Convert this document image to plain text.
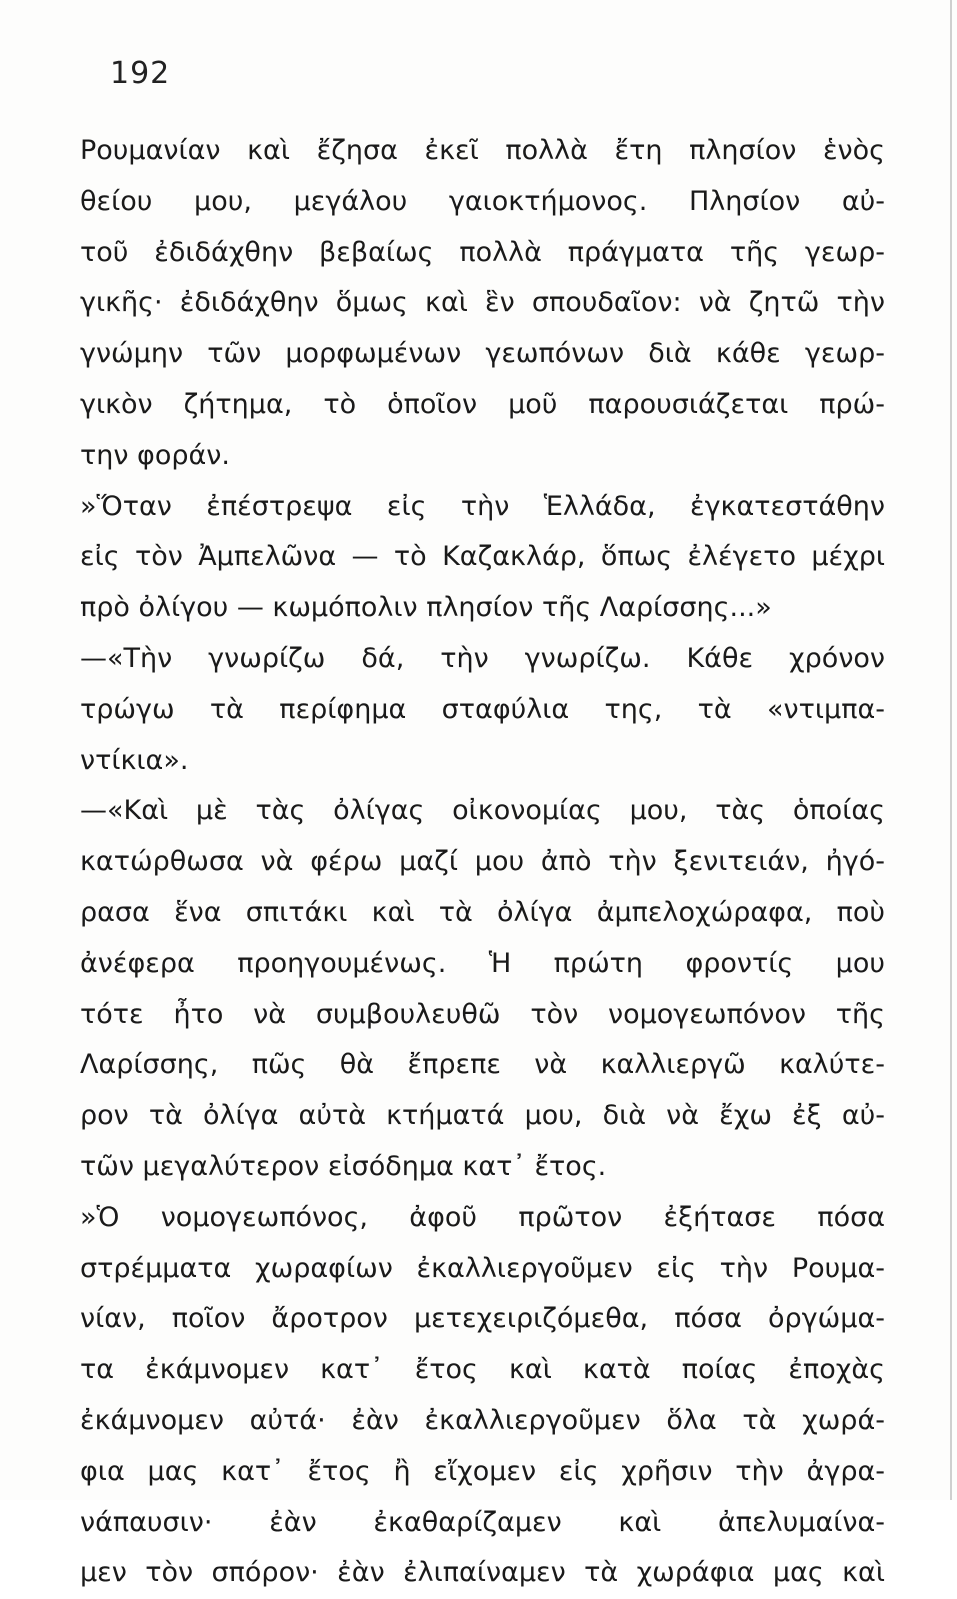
192
Ρουμανίαν καὶ ἔζησα ἐκεῖ πολλὰ ἔτη πλησίον ἑνὸς
θείου μου, μεγάλου γαιοκτήμονος. Πλησίον αὐ-
τοῦ ἐδιδάχθην βεβαίως πολλὰ πράγματα τῆς γεωρ-
γικῆς· ἐδιδάχθην ὅμως καὶ ἓν σπουδαῖον: νὰ ζητῶ τὴν
γνώμην τῶν μορφωμένων γεωπόνων διὰ κάθε γεωρ-
γικὸν ζήτημα, τὸ ὁποῖον μοῦ παρουσιάζεται πρώ-
την φοράν.
»Ὅταν ἐπέστρεψα εἰς τὴν Ἑλλάδα, ἐγκατεστάθην
εἰς τὸν Ἀμπελῶνα — τὸ Καζακλάρ, ὅπως ἐλέγετο μέχρι
πρὸ ὀλίγου — κωμόπολιν πλησίον τῆς Λαρίσσης...»
—«Τὴν γνωρίζω δά, τὴν γνωρίζω. Κάθε χρόνον
τρώγω τὰ περίφημα σταφύλια της, τὰ «ντιμπα-
ντίκια».
—«Καὶ μὲ τὰς ὀλίγας οἰκονομίας μου, τὰς ὁποίας
κατώρθωσα νὰ φέρω μαζί μου ἀπὸ τὴν ξενιτειάν, ἠγό-
ρασα ἕνα σπιτάκι καὶ τὰ ὀλίγα ἀμπελοχώραφα, ποὺ
ἀνέφερα προηγουμένως. Ἡ πρώτη φροντίς μου
τότε ἦτο νὰ συμβουλευθῶ τὸν νομογεωπόνον τῆς
Λαρίσσης, πῶς θὰ ἔπρεπε νὰ καλλιεργῶ καλύτε-
ρον τὰ ὀλίγα αὐτὰ κτήματά μου, διὰ νὰ ἔχω ἐξ αὐ-
τῶν μεγαλύτερον εἰσόδημα κατ᾽ ἔτος.
»Ὁ νομογεωπόνος, ἀφοῦ πρῶτον ἐξήτασε πόσα
στρέμματα χωραφίων ἐκαλλιεργοῦμεν εἰς τὴν Ρουμα-
νίαν, ποῖον ἄροτρον μετεχειριζόμεθα, πόσα ὀργώμα-
τα ἐκάμνομεν κατ᾽ ἔτος καὶ κατὰ ποίας ἐποχὰς
ἐκάμνομεν αὐτά· ἐὰν ἐκαλλιεργοῦμεν ὅλα τὰ χωρά-
φια μας κατ᾽ ἔτος ἢ εἴχομεν εἰς χρῆσιν τὴν ἀγρα-
νάπαυσιν· ἐὰν ἐκαθαρίζαμεν καὶ ἀπελυμαίνα-
μεν τὸν σπόρον· ἐὰν ἐλιπαίναμεν τὰ χωράφια μας καὶ
